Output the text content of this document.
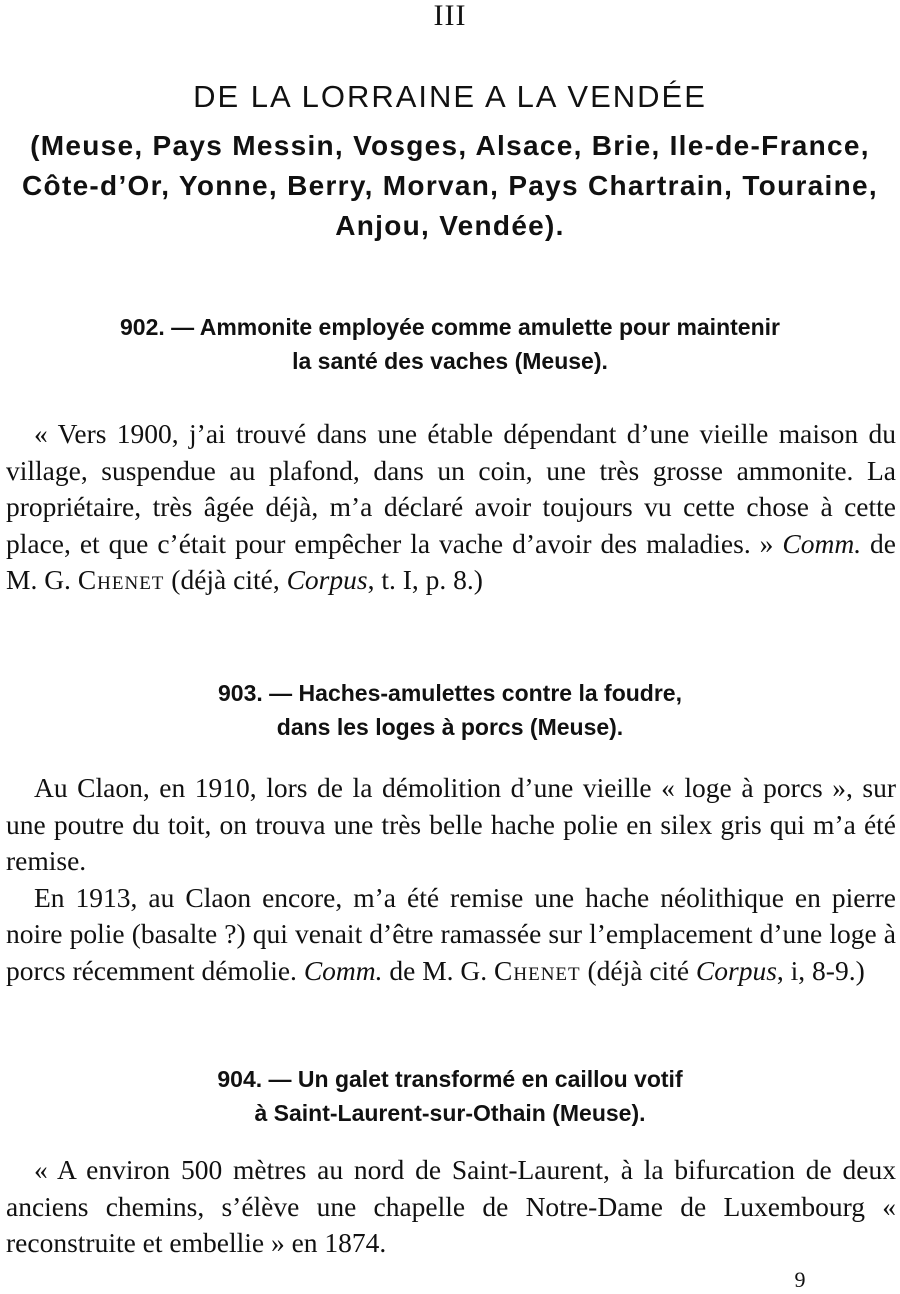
III
DE LA LORRAINE A LA VENDÉE
(Meuse, Pays Messin, Vosges, Alsace, Brie, Ile-de-France, Côte-d’Or, Yonne, Berry, Morvan, Pays Chartrain, Touraine, Anjou, Vendée).
902. — Ammonite employée comme amulette pour maintenir
la santé des vaches (Meuse).

« Vers 1900, j’ai trouvé dans une étable dépendant d’une vieille maison du village, suspendue au plafond, dans un coin, une très grosse ammonite. La propriétaire, très âgée déjà, m’a déclaré avoir toujours vu cette chose à cette place, et que c’était pour empêcher la vache d’avoir des maladies. » Comm. de M. G. Chenet (déjà cité, Corpus, t. I, p. 8.)

903. — Haches-amulettes contre la foudre,
dans les loges à porcs (Meuse).

Au Claon, en 1910, lors de la démolition d’une vieille « loge à porcs », sur une poutre du toit, on trouva une très belle hache polie en silex gris qui m’a été remise.

En 1913, au Claon encore, m’a été remise une hache néolithique en pierre noire polie (basalte ?) qui venait d’être ramassée sur l’emplacement d’une loge à porcs récemment démolie. Comm. de M. G. Chenet (déjà cité Corpus, i, 8-9.)

904. — Un galet transformé en caillou votif
à Saint-Laurent-sur-Othain (Meuse).

« A environ 500 mètres au nord de Saint-Laurent, à la bifurcation de deux anciens chemins, s’élève une chapelle de Notre-Dame de Luxembourg « reconstruite et embellie » en 1874.

9
